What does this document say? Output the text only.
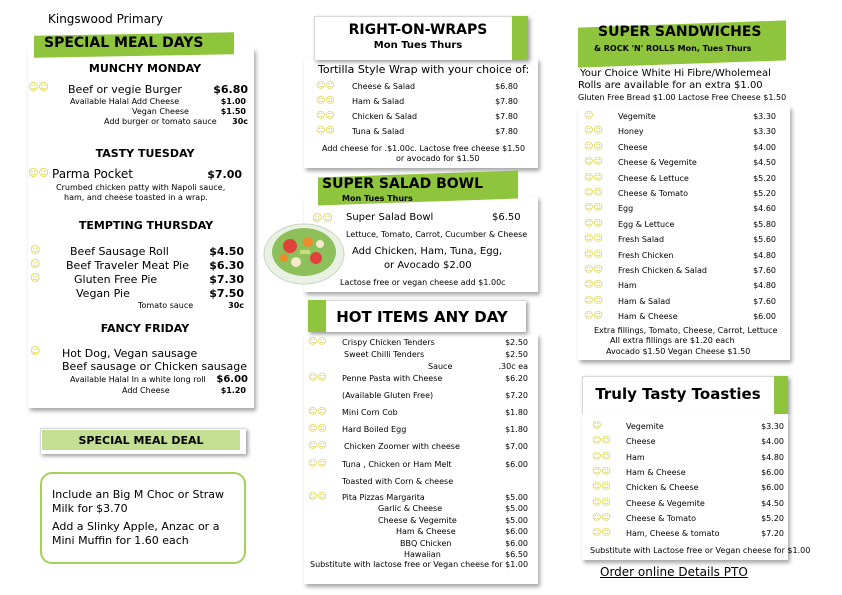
Kingswood Primary
SPECIAL MEAL DAYS
MUNCHY MONDAY
☺☺ Beef or vegie Burger	$6.80
Available Halal Add Cheese	$1.00
Vegan Cheese	$1.50
Add burger or tomato sauce	30c
TASTY TUESDAY
☺☺ Parma Pocket	$7.00
Crumbed chicken patty with Napoli sauce,
ham, and cheese toasted in a wrap.
TEMPTING THURSDAY
☺
☺
☺
Beef Sausage Roll	$4.50
Beef Traveler Meat Pie	$6.30
Gluten Free Pie	$7.30
Vegan Pie	$7.50
Tomato sauce	30c
FANCY FRIDAY
☺ Hot Dog, Vegan sausage
Beef sausage or Chicken sausage
Available Halal In a white long roll	$6.00
Add Cheese	$1.20
SPECIAL MEAL DEAL
Include an Big M Choc or Straw Milk for $3.70
Add a Slinky Apple, Anzac or a Mini Muffin for 1.60 each
RIGHT-ON-WRAPS
Mon Tues Thurs
Tortilla Style Wrap with your choice of:
☺☺ Cheese & Salad	$6.80
☺☺ Ham & Salad	$7.80
☺☺ Chicken & Salad	$7.80
☺☺ Tuna & Salad	$7.80
Add cheese for .$1.00c. Lactose free cheese $1.50
or avocado for $1.50
SUPER SALAD BOWL
Mon Tues Thurs
☺☺ Super Salad Bowl	$6.50
Lettuce, Tomato, Carrot, Cucumber & Cheese
Add Chicken, Ham, Tuna, Egg,
or Avocado $2.00
Lactose free or vegan cheese add $1.00c
HOT ITEMS ANY DAY
☺☺ Crispy Chicken Tenders	$2.50
Sweet Chilli Tenders	$2.50
Sauce	.30c ea
☺☺ Penne Pasta with Cheese	$6.20
(Available Gluten Free)	$7.20
☺☺ Mini Corn Cob	$1.80
☺☺ Hard Boiled Egg	$1.80
☺☺ Chicken Zoomer with cheese	$7.00
☺☺ Tuna , Chicken or Ham Melt	$6.00
Toasted with Corn & cheese
☺☺ Pita Pizzas Margarita	$5.00
Garlic & Cheese	$5.00
Cheese & Vegemite	$5.00
Ham & Cheese	$6.00
BBQ Chicken	$6.00
Hawaiian	$6.50
Substitute with lactose free or Vegan cheese for $1.00
SUPER SANDWICHES
& ROCK 'N' ROLLS Mon, Tues Thurs
Your Choice White Hi Fibre/Wholemeal
Rolls are available for an extra $1.00
Gluten Free Bread $1.00 Lactose Free Cheese $1.50
☺	Vegemite	$3.30
☺☺ Honey	$3.30
☺☺ Cheese	$4.00
☺☺ Cheese & Vegemite	$4.50
☺☺ Cheese & Lettuce	$5.20
☺☺ Cheese & Tomato	$5.20
☺☺ Egg	$4.60
☺☺ Egg & Lettuce	$5.80
☺☺ Fresh Salad	$5.60
☺☺ Fresh Chicken	$4.80
☺☺ Fresh Chicken & Salad	$7.60
☺☺ Ham	$4.80
☺☺ Ham & Salad	$7.60
☺☺ Ham & Cheese	$6.00
Extra fillings, Tomato, Cheese, Carrot, Lettuce
All extra fillings are $1.20 each
Avocado $1.50 Vegan Cheese $1.50
Truly Tasty Toasties
☺	Vegemite	$3.30
☺☺ Cheese	$4.00
☺☺ Ham	$4.80
☺☺ Ham & Cheese	$6.00
☺☺ Chicken & Cheese	$6.00
☺☺ Cheese & Vegemite	$4.50
☺☺ Cheese & Tomato	$5.20
☺☺ Ham, Cheese & tomato	$7.20
Substitute with Lactose free or Vegan cheese for $1.00
Order online Details PTO
